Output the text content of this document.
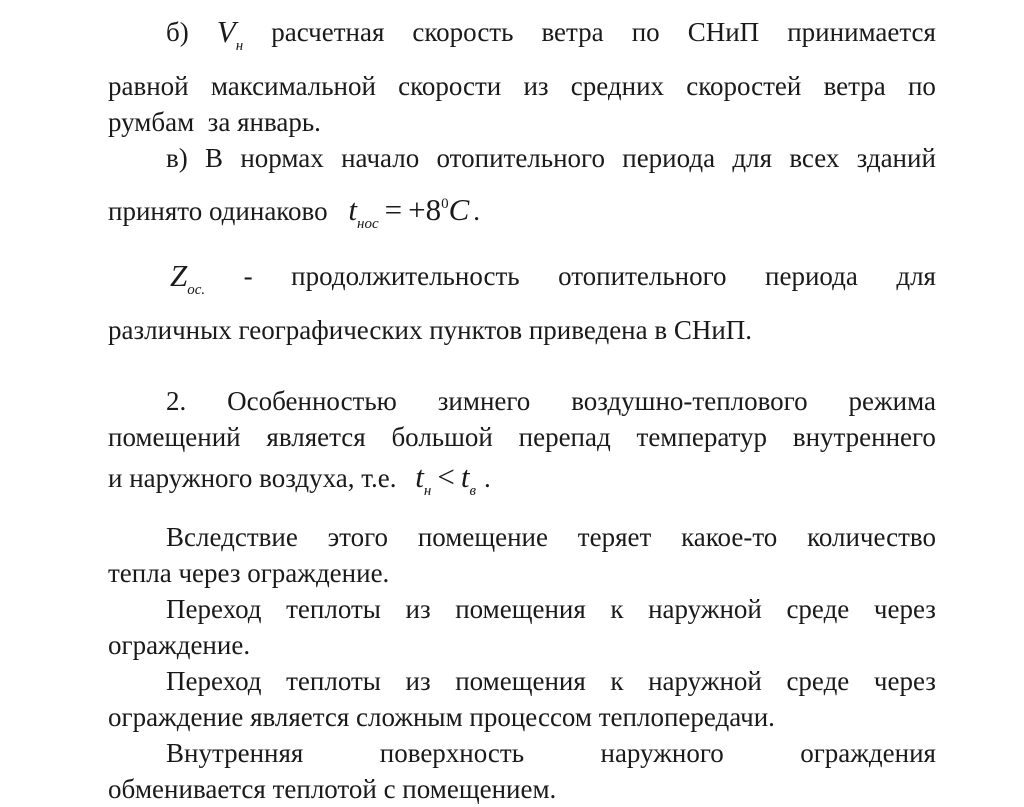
б) $V_н$ расчетная скорость ветра по СНиП принимается
равной максимальной скорости из средних скоростей ветра по
румбам  за январь.
в) В нормах начало отопительного периода для всех зданий
принято одинаково $t_{нос} = +8^0C$ .
$Z_{ос.}$ - продолжительность отопительного периода для
различных географических пунктов приведена в СНиП.
2. Особенностью зимнего воздушно-теплового режима
помещений является большой перепад температур внутреннего
и наружного воздуха, т.е. $t_н < t_в$ .
Вследствие этого помещение теряет какое-то количество
тепла через ограждение.
Переход теплоты из помещения к наружной среде через
ограждение.
Переход теплоты из помещения к наружной среде через
ограждение является сложным процессом теплопередачи.
Внутренняя	поверхность	наружного	ограждения
обменивается теплотой с помещением.
